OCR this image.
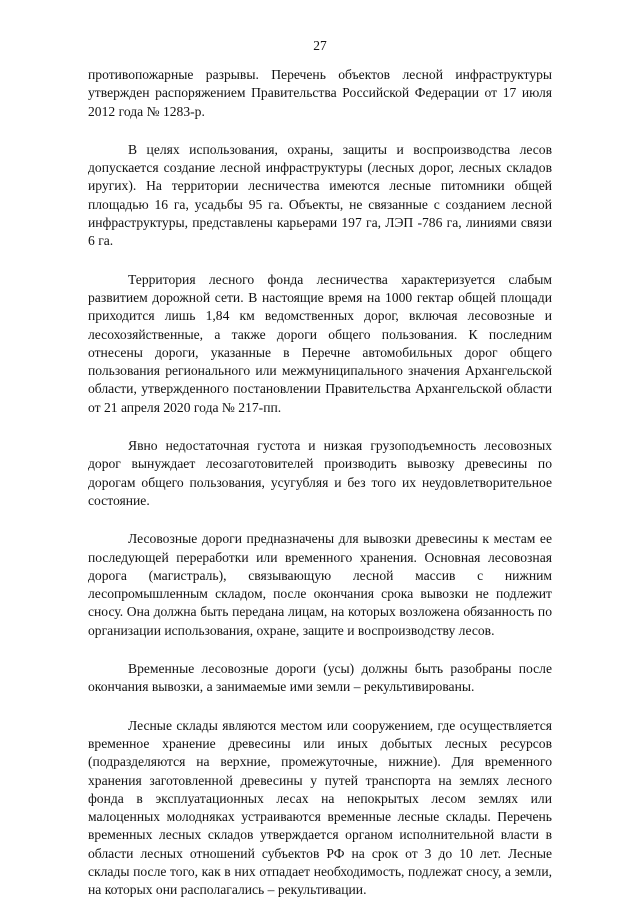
27

противопожарные разрывы. Перечень объектов лесной инфраструктуры утвержден распоряжением Правительства Российской Федерации от 17 июля 2012 года № 1283-р.

В целях использования, охраны, защиты и воспроизводства лесов допускается создание лесной инфраструктуры (лесных дорог, лесных складов иругих). На территории лесничества имеются лесные питомники общей площадью 16 га, усадьбы 95 га. Объекты, не связанные с созданием лесной инфраструктуры, представлены карьерами 197 га, ЛЭП -786 га, линиями связи 6 га.

Территория лесного фонда лесничества характеризуется слабым развитием дорожной сети. В настоящие время на 1000 гектар общей площади приходится лишь 1,84 км ведомственных дорог, включая лесовозные и лесохозяйственные, а также дороги общего пользования. К последним отнесены дороги, указанные в Перечне автомобильных дорог общего пользования регионального или межмуниципального значения Архангельской области, утвержденного постановлении Правительства Архангельской области от 21 апреля 2020 года № 217-пп.

Явно недостаточная густота и низкая грузоподъемность лесовозных дорог вынуждает лесозаготовителей производить вывозку древесины по дорогам общего пользования, усугубляя и без того их неудовлетворительное состояние.

Лесовозные дороги предназначены для вывозки древесины к местам ее последующей переработки или временного хранения. Основная лесовозная дорога (магистраль), связывающую лесной массив с нижним лесопромышленным складом, после окончания срока вывозки не подлежит сносу. Она должна быть передана лицам, на которых возложена обязанность по организации использования, охране, защите и воспроизводству лесов.

Временные лесовозные дороги (усы) должны быть разобраны после окончания вывозки, а занимаемые ими земли – рекультивированы.

Лесные склады являются местом или сооружением, где осуществляется временное хранение древесины или иных добытых лесных ресурсов (подразделяются на верхние, промежуточные, нижние). Для временного хранения заготовленной древесины у путей транспорта на землях лесного фонда в эксплуатационных лесах на непокрытых лесом землях или малоценных молодняках устраиваются временные лесные склады. Перечень временных лесных складов утверждается органом исполнительной власти в области лесных отношений субъектов РФ на срок от 3 до 10 лет. Лесные склады после того, как в них отпадает необходимость, подлежат сносу, а земли, на которых они располагались – рекультивации.
